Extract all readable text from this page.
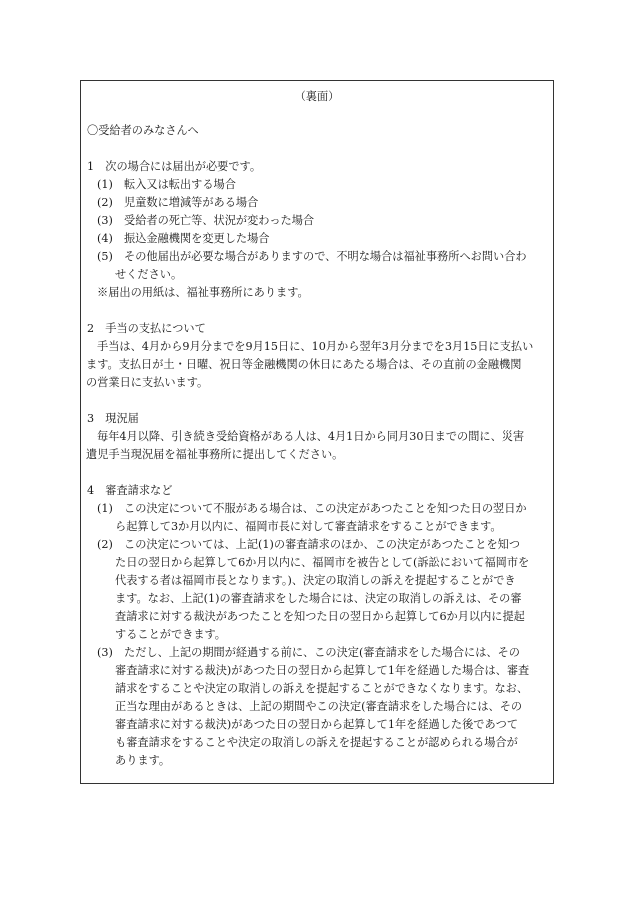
（裏面）
〇受給者のみなさんへ
1　次の場合には届出が必要です。
(1)　転入又は転出する場合
(2)　児童数に増減等がある場合
(3)　受給者の死亡等、状況が変わった場合
(4)　振込金融機関を変更した場合
(5)　その他届出が必要な場合がありますので、不明な場合は福祉事務所へお問い合わ
せください。
※届出の用紙は、福祉事務所にあります。
2　手当の支払について
手当は、4月から9月分までを9月15日に、10月から翌年3月分までを3月15日に支払い
ます。支払日が土・日曜、祝日等金融機関の休日にあたる場合は、その直前の金融機関
の営業日に支払います。
3　現況届
毎年4月以降、引き続き受給資格がある人は、4月1日から同月30日までの間に、災害
遺児手当現況届を福祉事務所に提出してください。
4　審査請求など
(1)　この決定について不服がある場合は、この決定があつたことを知つた日の翌日か
ら起算して3か月以内に、福岡市長に対して審査請求をすることができます。
(2)　この決定については、上記(1)の審査請求のほか、この決定があつたことを知つ
た日の翌日から起算して6か月以内に、福岡市を被告として(訴訟において福岡市を
代表する者は福岡市長となります。)、決定の取消しの訴えを提起することができ
ます。なお、上記(1)の審査請求をした場合には、決定の取消しの訴えは、その審
査請求に対する裁決があつたことを知つた日の翌日から起算して6か月以内に提起
することができます。
(3)　ただし、上記の期間が経過する前に、この決定(審査請求をした場合には、その
審査請求に対する裁決)があつた日の翌日から起算して1年を経過した場合は、審査
請求をすることや決定の取消しの訴えを提起することができなくなります。なお、
正当な理由があるときは、上記の期間やこの決定(審査請求をした場合には、その
審査請求に対する裁決)があつた日の翌日から起算して1年を経過した後であつて
も審査請求をすることや決定の取消しの訴えを提起することが認められる場合が
あります。
